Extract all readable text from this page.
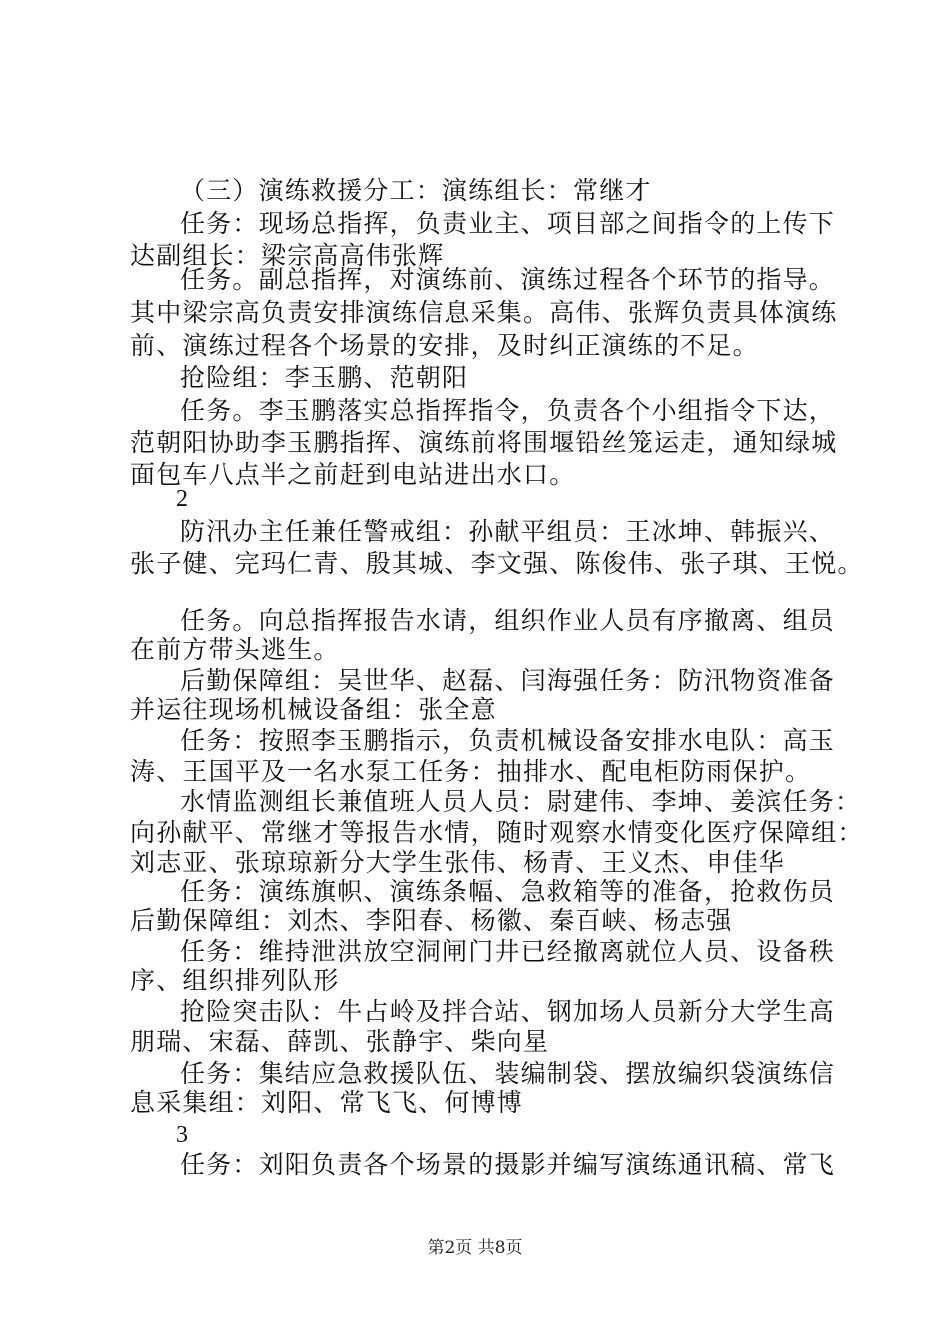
（三）演练救援分工：演练组长：常继才
任务：现场总指挥，负责业主、项目部之间指令的上传下
达副组长：梁宗高高伟张辉
任务。副总指挥，对演练前、演练过程各个环节的指导。
其中梁宗高负责安排演练信息采集。高伟、张辉负责具体演练
前、演练过程各个场景的安排，及时纠正演练的不足。
抢险组：李玉鹏、范朝阳
任务。李玉鹏落实总指挥指令，负责各个小组指令下达，
范朝阳协助李玉鹏指挥、演练前将围堰铅丝笼运走，通知绿城
面包车八点半之前赶到电站进出水口。
2
防汛办主任兼任警戒组：孙献平组员：王冰坤、韩振兴、
张子健、完玛仁青、殷其城、李文强、陈俊伟、张子琪、王悦。
任务。向总指挥报告水请，组织作业人员有序撤离、组员
在前方带头逃生。
后勤保障组：吴世华、赵磊、闫海强任务：防汛物资准备
并运往现场机械设备组：张全意
任务：按照李玉鹏指示，负责机械设备安排水电队：高玉
涛、王国平及一名水泵工任务：抽排水、配电柜防雨保护。
水情监测组长兼值班人员人员：尉建伟、李坤、姜滨任务：
向孙献平、常继才等报告水情，随时观察水情变化医疗保障组：
刘志亚、张琼琼新分大学生张伟、杨青、王义杰、申佳华
任务：演练旗帜、演练条幅、急救箱等的准备，抢救伤员
后勤保障组：刘杰、李阳春、杨徽、秦百峡、杨志强
任务：维持泄洪放空洞闸门井已经撤离就位人员、设备秩
序、组织排列队形
抢险突击队：牛占岭及拌合站、钢加场人员新分大学生高
朋瑞、宋磊、薛凯、张静宇、柴向星
任务：集结应急救援队伍、装编制袋、摆放编织袋演练信
息采集组：刘阳、常飞飞、何博博
3
任务：刘阳负责各个场景的摄影并编写演练通讯稿、常飞
第2页 共8页
